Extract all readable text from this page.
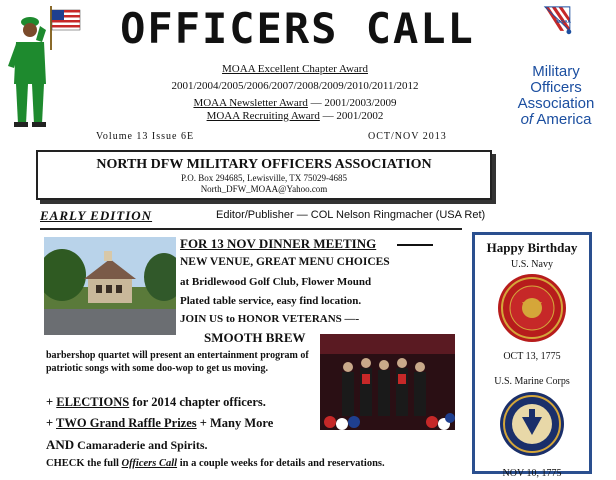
OFFICERS CALL
MOAA Excellent Chapter Award
2001/2004/2005/2006/2007/2008/2009/2010/2011/2012
MOAA Newsletter Award — 2001/2003/2009
MOAA Recruiting Award — 2001/2002
MOAA
Military
Officers
Association
of America
Volume 13 Issue 6E	OCT/NOV 2013
NORTH DFW MILITARY OFFICERS ASSOCIATION
P.O. Box 294685, Lewisville, TX 75029-4685
North_DFW_MOAA@Yahoo.com
EARLY EDITION	Editor/Publisher — COL Nelson Ringmacher (USA Ret)
FOR 13 NOV DINNER MEETING
NEW VENUE, GREAT MENU CHOICES
at Bridlewood Golf Club, Flower Mound
Plated table service, easy find location.
JOIN US to HONOR VETERANS —-
SMOOTH BREW
barbershop quartet will present an entertainment program of patriotic songs with some doo-wop to get us moving.
+ ELECTIONS for 2014 chapter officers.
+ TWO Grand Raffle Prizes + Many More
AND Camaraderie and Spirits.
CHECK the full Officers Call in a couple weeks for details and reservations.
Happy Birthday
U.S. Navy
OCT 13, 1775
U.S. Marine Corps
NOV 10, 1775
